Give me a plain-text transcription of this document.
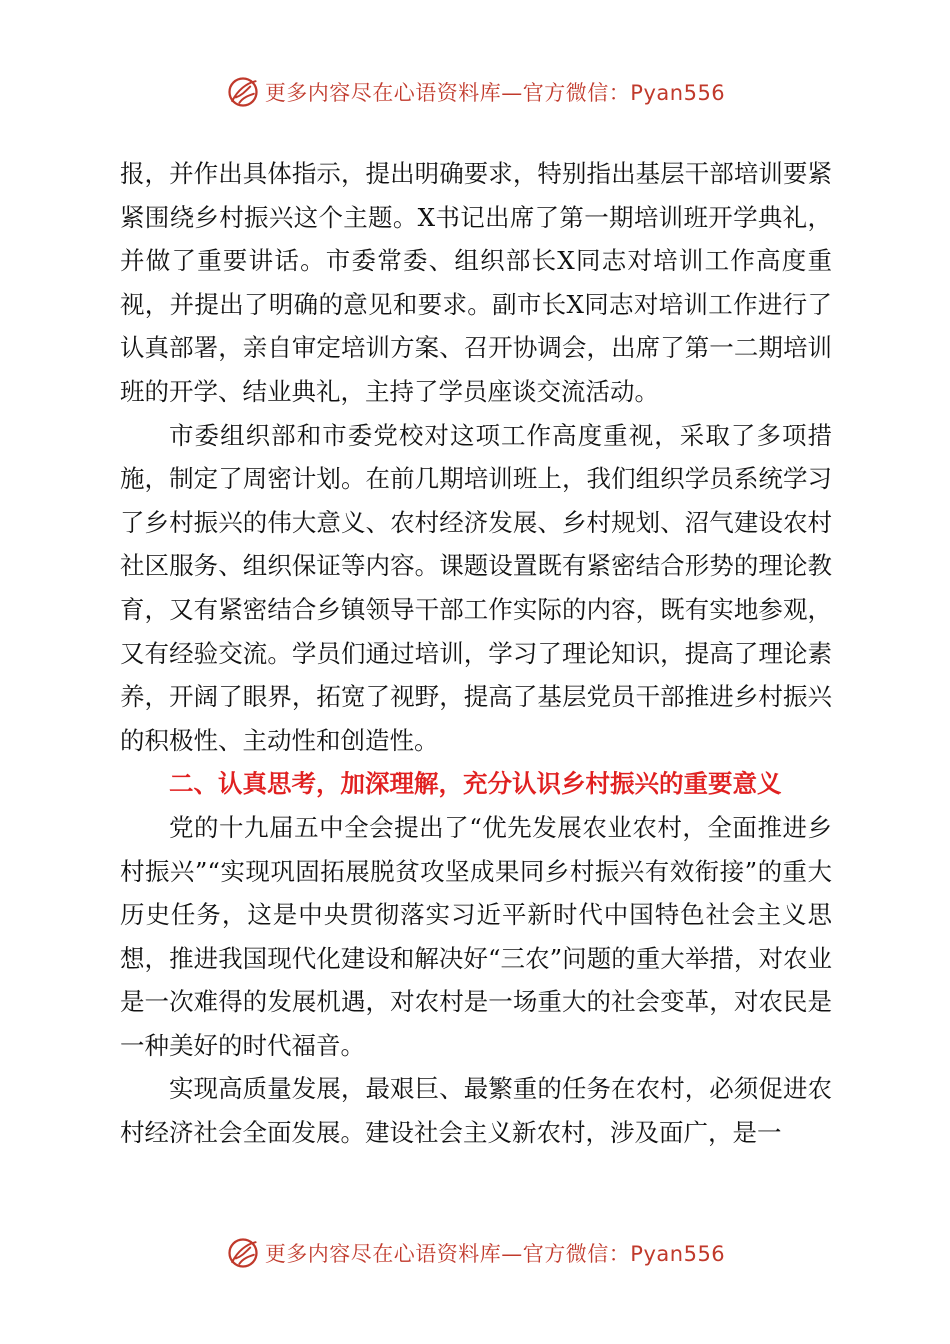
更多内容尽在心语资料库—官方微信：Pyan556

报，并作出具体指示，提出明确要求，特别指出基层干部培训要紧紧围绕乡村振兴这个主题。X书记出席了第一期培训班开学典礼，并做了重要讲话。市委常委、组织部长X同志对培训工作高度重视，并提出了明确的意见和要求。副市长X同志对培训工作进行了认真部署，亲自审定培训方案、召开协调会，出席了第一二期培训班的开学、结业典礼，主持了学员座谈交流活动。

市委组织部和市委党校对这项工作高度重视，采取了多项措施，制定了周密计划。在前几期培训班上，我们组织学员系统学习了乡村振兴的伟大意义、农村经济发展、乡村规划、沼气建设农村社区服务、组织保证等内容。课题设置既有紧密结合形势的理论教育，又有紧密结合乡镇领导干部工作实际的内容，既有实地参观，又有经验交流。学员们通过培训，学习了理论知识，提高了理论素养，开阔了眼界，拓宽了视野，提高了基层党员干部推进乡村振兴的积极性、主动性和创造性。

二、认真思考，加深理解，充分认识乡村振兴的重要意义

党的十九届五中全会提出了“优先发展农业农村，全面推进乡村振兴”“实现巩固拓展脱贫攻坚成果同乡村振兴有效衔接”的重大历史任务，这是中央贯彻落实习近平新时代中国特色社会主义思想，推进我国现代化建设和解决好“三农”问题的重大举措，对农业是一次难得的发展机遇，对农村是一场重大的社会变革，对农民是一种美好的时代福音。

实现高质量发展，最艰巨、最繁重的任务在农村，必须促进农村经济社会全面发展。建设社会主义新农村，涉及面广，是一

更多内容尽在心语资料库—官方微信：Pyan556
